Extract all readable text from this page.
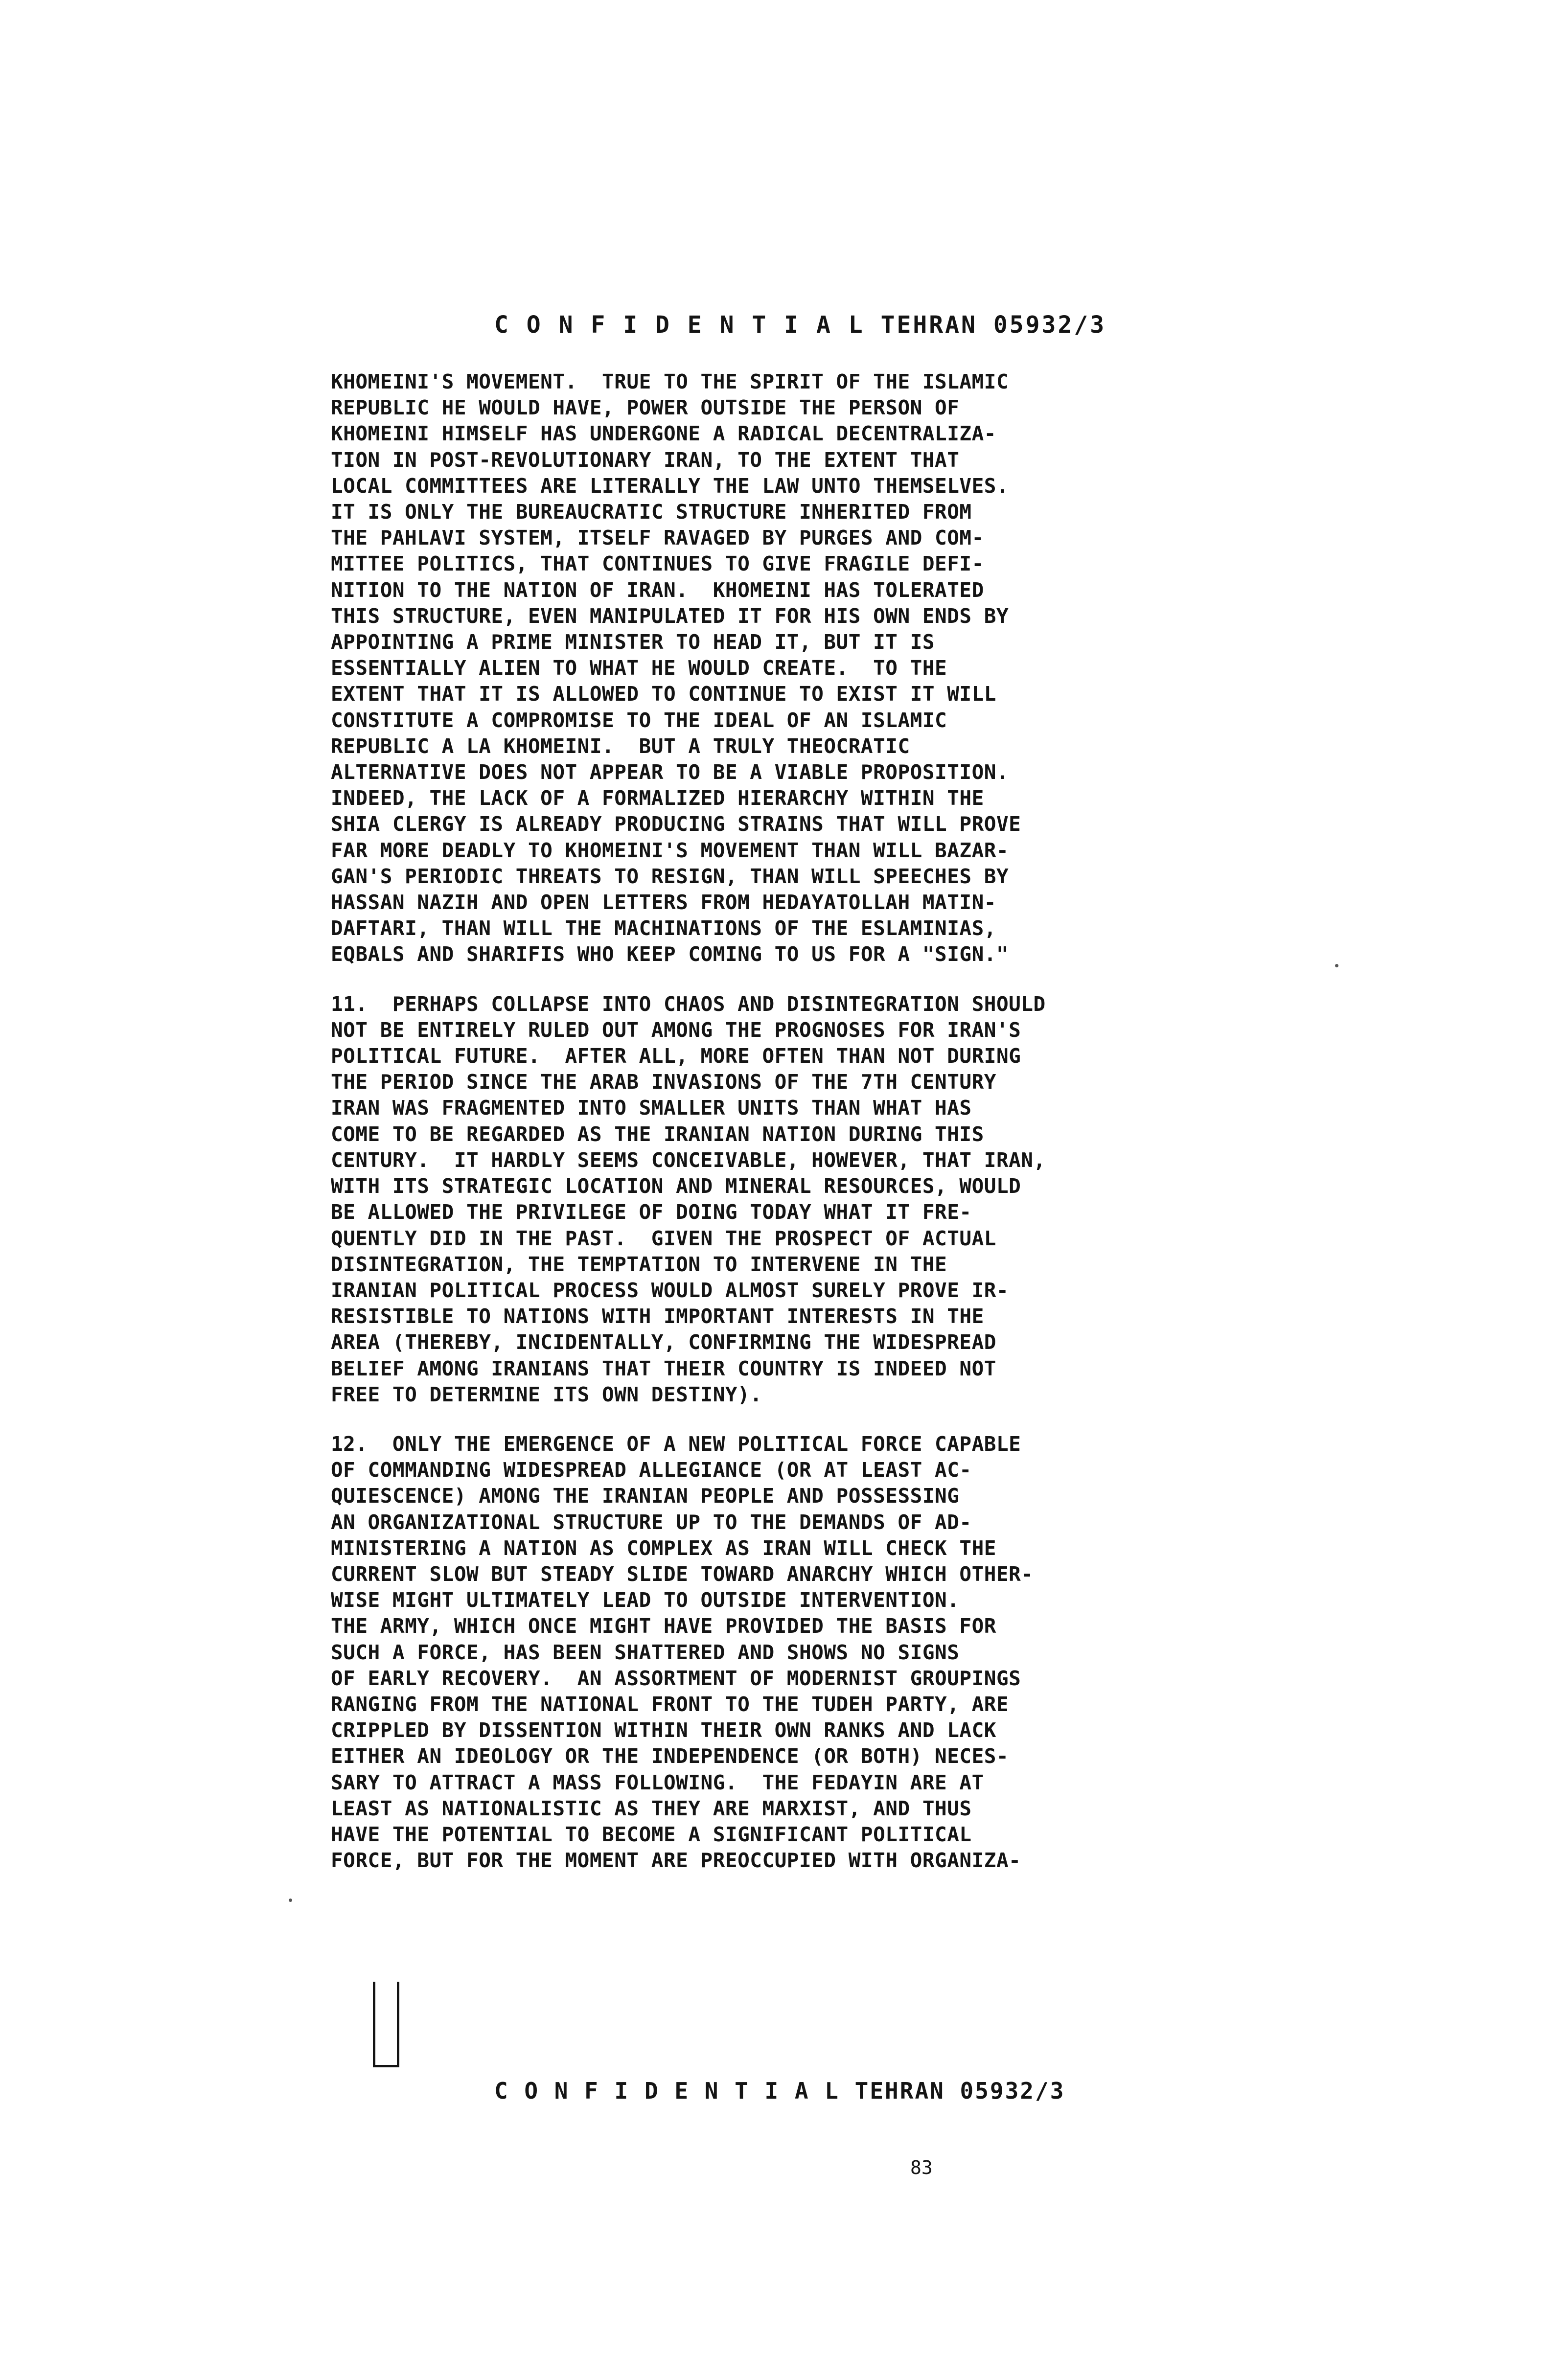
C O N F I D E N T I A L TEHRAN 05932/3
KHOMEINI'S MOVEMENT.  TRUE TO THE SPIRIT OF THE ISLAMIC
REPUBLIC HE WOULD HAVE, POWER OUTSIDE THE PERSON OF
KHOMEINI HIMSELF HAS UNDERGONE A RADICAL DECENTRALIZA-
TION IN POST-REVOLUTIONARY IRAN, TO THE EXTENT THAT
LOCAL COMMITTEES ARE LITERALLY THE LAW UNTO THEMSELVES.
IT IS ONLY THE BUREAUCRATIC STRUCTURE INHERITED FROM
THE PAHLAVI SYSTEM, ITSELF RAVAGED BY PURGES AND COM-
MITTEE POLITICS, THAT CONTINUES TO GIVE FRAGILE DEFI-
NITION TO THE NATION OF IRAN.  KHOMEINI HAS TOLERATED
THIS STRUCTURE, EVEN MANIPULATED IT FOR HIS OWN ENDS BY
APPOINTING A PRIME MINISTER TO HEAD IT, BUT IT IS
ESSENTIALLY ALIEN TO WHAT HE WOULD CREATE.  TO THE
EXTENT THAT IT IS ALLOWED TO CONTINUE TO EXIST IT WILL
CONSTITUTE A COMPROMISE TO THE IDEAL OF AN ISLAMIC
REPUBLIC A LA KHOMEINI.  BUT A TRULY THEOCRATIC
ALTERNATIVE DOES NOT APPEAR TO BE A VIABLE PROPOSITION.
INDEED, THE LACK OF A FORMALIZED HIERARCHY WITHIN THE
SHIA CLERGY IS ALREADY PRODUCING STRAINS THAT WILL PROVE
FAR MORE DEADLY TO KHOMEINI'S MOVEMENT THAN WILL BAZAR-
GAN'S PERIODIC THREATS TO RESIGN, THAN WILL SPEECHES BY
HASSAN NAZIH AND OPEN LETTERS FROM HEDAYATOLLAH MATIN-
DAFTARI, THAN WILL THE MACHINATIONS OF THE ESLAMINIAS,
EQBALS AND SHARIFIS WHO KEEP COMING TO US FOR A "SIGN."
11.  PERHAPS COLLAPSE INTO CHAOS AND DISINTEGRATION SHOULD
NOT BE ENTIRELY RULED OUT AMONG THE PROGNOSES FOR IRAN'S
POLITICAL FUTURE.  AFTER ALL, MORE OFTEN THAN NOT DURING
THE PERIOD SINCE THE ARAB INVASIONS OF THE 7TH CENTURY
IRAN WAS FRAGMENTED INTO SMALLER UNITS THAN WHAT HAS
COME TO BE REGARDED AS THE IRANIAN NATION DURING THIS
CENTURY.  IT HARDLY SEEMS CONCEIVABLE, HOWEVER, THAT IRAN,
WITH ITS STRATEGIC LOCATION AND MINERAL RESOURCES, WOULD
BE ALLOWED THE PRIVILEGE OF DOING TODAY WHAT IT FRE-
QUENTLY DID IN THE PAST.  GIVEN THE PROSPECT OF ACTUAL
DISINTEGRATION, THE TEMPTATION TO INTERVENE IN THE
IRANIAN POLITICAL PROCESS WOULD ALMOST SURELY PROVE IR-
RESISTIBLE TO NATIONS WITH IMPORTANT INTERESTS IN THE
AREA (THEREBY, INCIDENTALLY, CONFIRMING THE WIDESPREAD
BELIEF AMONG IRANIANS THAT THEIR COUNTRY IS INDEED NOT
FREE TO DETERMINE ITS OWN DESTINY).
12.  ONLY THE EMERGENCE OF A NEW POLITICAL FORCE CAPABLE
OF COMMANDING WIDESPREAD ALLEGIANCE (OR AT LEAST AC-
QUIESCENCE) AMONG THE IRANIAN PEOPLE AND POSSESSING
AN ORGANIZATIONAL STRUCTURE UP TO THE DEMANDS OF AD-
MINISTERING A NATION AS COMPLEX AS IRAN WILL CHECK THE
CURRENT SLOW BUT STEADY SLIDE TOWARD ANARCHY WHICH OTHER-
WISE MIGHT ULTIMATELY LEAD TO OUTSIDE INTERVENTION.
THE ARMY, WHICH ONCE MIGHT HAVE PROVIDED THE BASIS FOR
SUCH A FORCE, HAS BEEN SHATTERED AND SHOWS NO SIGNS
OF EARLY RECOVERY.  AN ASSORTMENT OF MODERNIST GROUPINGS
RANGING FROM THE NATIONAL FRONT TO THE TUDEH PARTY, ARE
CRIPPLED BY DISSENTION WITHIN THEIR OWN RANKS AND LACK
EITHER AN IDEOLOGY OR THE INDEPENDENCE (OR BOTH) NECES-
SARY TO ATTRACT A MASS FOLLOWING.  THE FEDAYIN ARE AT
LEAST AS NATIONALISTIC AS THEY ARE MARXIST, AND THUS
HAVE THE POTENTIAL TO BECOME A SIGNIFICANT POLITICAL
FORCE, BUT FOR THE MOMENT ARE PREOCCUPIED WITH ORGANIZA-
C O N F I D E N T I A L TEHRAN 05932/3
83
